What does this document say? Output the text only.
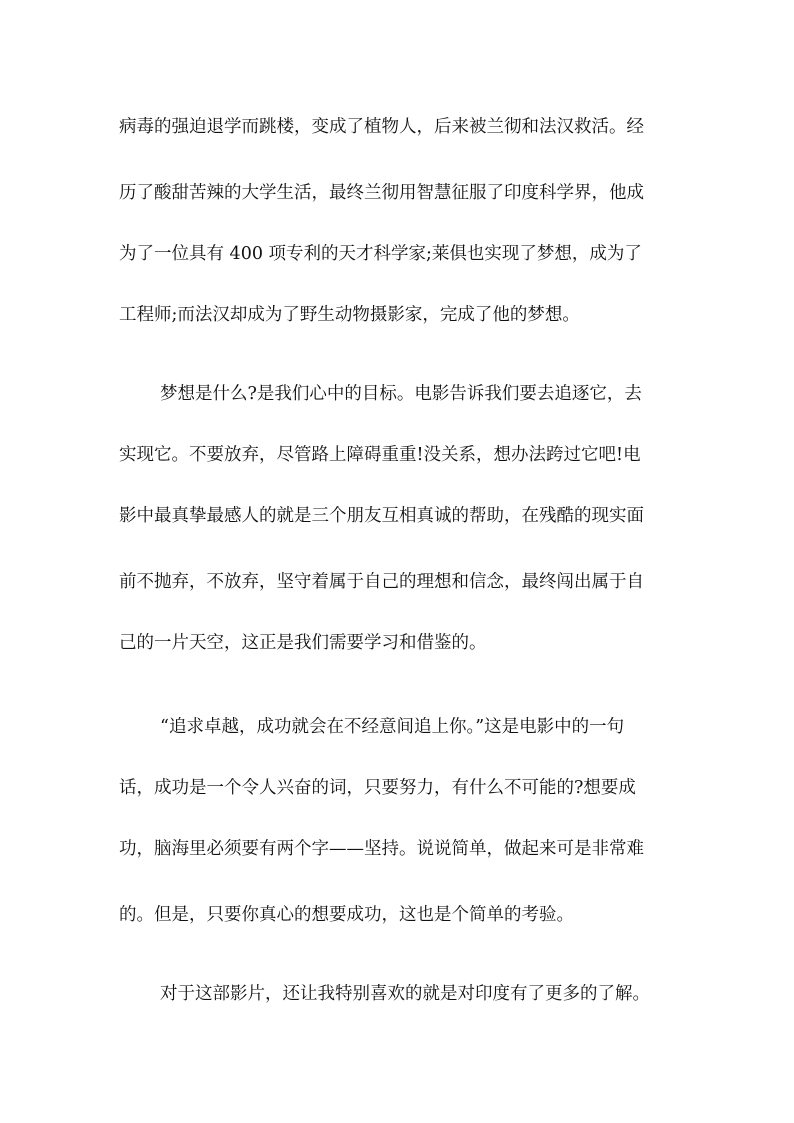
病毒的强迫退学而跳楼，变成了植物人，后来被兰彻和法汉救活。经
历了酸甜苦辣的大学生活，最终兰彻用智慧征服了印度科学界，他成
为了一位具有 400 项专利的天才科学家;莱俱也实现了梦想，成为了
工程师;而法汉却成为了野生动物摄影家，完成了他的梦想。
梦想是什么?是我们心中的目标。电影告诉我们要去追逐它，去
实现它。不要放弃，尽管路上障碍重重!没关系，想办法跨过它吧!电
影中最真挚最感人的就是三个朋友互相真诚的帮助，在残酷的现实面
前不抛弃，不放弃，坚守着属于自己的理想和信念，最终闯出属于自
己的一片天空，这正是我们需要学习和借鉴的。
“追求卓越，成功就会在不经意间追上你。”这是电影中的一句
话，成功是一个令人兴奋的词，只要努力，有什么不可能的?想要成
功，脑海里必须要有两个字——坚持。说说简单，做起来可是非常难
的。但是，只要你真心的想要成功，这也是个简单的考验。
对于这部影片，还让我特别喜欢的就是对印度有了更多的了解。
